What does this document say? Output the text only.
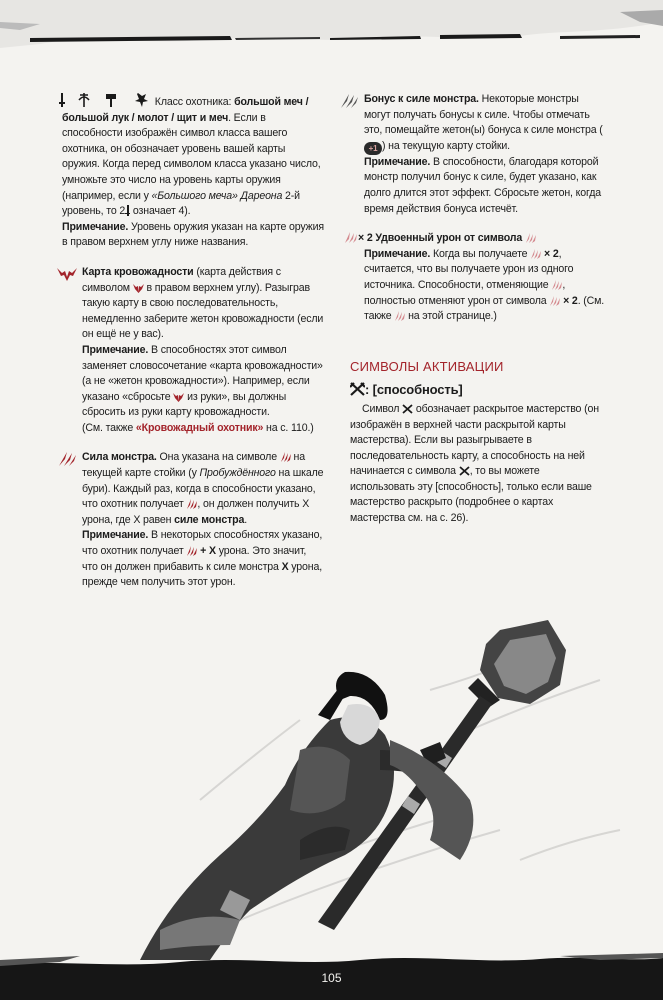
Класс охотника: большой меч / большой лук / молот / щит и меч. Если в способности изображён символ класса вашего охотника, он обозначает уровень вашей карты оружия. Когда перед символом класса указано число, умножьте это число на уровень карты оружия (например, если у «Большого меча» Дареона 2-й уровень, то 2 означает 4).

Примечание. Уровень оружия указан на карте оружия в правом верхнем углу ниже названия.

Карта кровожадности (карта действия с символом  в правом верхнем углу). Разыграв такую карту в свою последовательность, немедленно заберите жетон кровожадности (если он ещё не у вас).

Примечание. В способностях этот символ заменяет словосочетание «карта кровожадности» (а не «жетон кровожадности»). Например, если указано «сбросьте  из руки», вы должны сбросить из руки карту кровожадности.

(См. также «Кровожадный охотник» на с. 110.)

Сила монстра. Она указана на символе  на текущей карте стойки (у Пробуждённого на шкале бури). Каждый раз, когда в способности указано, что охотник получает , он должен получить X урона, где X равен силе монстра.

Примечание. В некоторых способностях указано, что охотник получает  + X урона. Это значит, что он должен прибавить к силе монстра X урона, прежде чем получить этот урон.

Бонус к силе монстра. Некоторые монстры могут получать бонусы к силе. Чтобы отмечать это, помещайте жетон(ы) бонуса к силе монстра (+1 ) на текущую карту стойки.

Примечание. В способности, благодаря которой монстр получил бонус к силе, будет указано, как долго длится этот эффект. Сбросьте жетон, когда время действия бонуса истечёт.

× 2 Удвоенный урон от символа

Примечание. Когда вы получаете  × 2, считается, что вы получаете урон из одного источника. Способности, отменяющие , полностью отменяют урон от символа  × 2. (См. также  на этой странице.)

СИМВОЛЫ АКТИВАЦИИ
: [способность]

Символ  обозначает раскрытое мастерство (он изображён в верхней части раскрытой карты мастерства). Если вы разыгрываете в последовательность карту, а способность на ней начинается с символа , то вы можете использовать эту [способность], только если ваше мастерство раскрыто (подробнее о картах мастерства см. на с. 26).

105
